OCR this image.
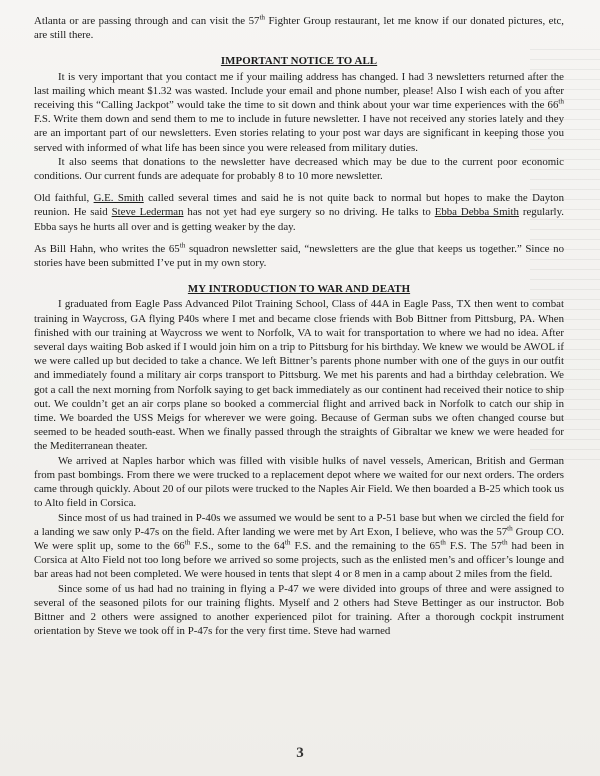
Atlanta or are passing through and can visit the 57th Fighter Group restaurant, let me know if our donated pictures, etc, are still there.

IMPORTANT NOTICE TO ALL

It is very important that you contact me if your mailing address has changed. I had 3 newsletters returned after the last mailing which meant $1.32 was wasted. Include your email and phone number, please! Also I wish each of you after receiving this “Calling Jackpot” would take the time to sit down and think about your war time experiences with the 66th F.S. Write them down and send them to me to include in future newsletter. I have not received any stories lately and they are an important part of our newsletters. Even stories relating to your post war days are significant in keeping those you served with informed of what life has been since you were released from military duties.

It also seems that donations to the newsletter have decreased which may be due to the current poor economic conditions. Our current funds are adequate for probably 8 to 10 more newsletter.

Old faithful, G.E. Smith called several times and said he is not quite back to normal but hopes to make the Dayton reunion. He said Steve Lederman has not yet had eye surgery so no driving. He talks to Ebba Debba Smith regularly. Ebba says he hurts all over and is getting weaker by the day.

As Bill Hahn, who writes the 65th squadron newsletter said, “newsletters are the glue that keeps us together.” Since no stories have been submitted I’ve put in my own story.

MY INTRODUCTION TO WAR AND DEATH

I graduated from Eagle Pass Advanced Pilot Training School, Class of 44A in Eagle Pass, TX then went to combat training in Waycross, GA flying P40s where I met and became close friends with Bob Bittner from Pittsburg, PA. When finished with our training at Waycross we went to Norfolk, VA to wait for transportation to where we had no idea. After several days waiting Bob asked if I would join him on a trip to Pittsburg for his birthday. We knew we would be AWOL if we were called up but decided to take a chance. We left Bittner’s parents phone number with one of the guys in our outfit and immediately found a military air corps transport to Pittsburg. We met his parents and had a birthday celebration. We got a call the next morning from Norfolk saying to get back immediately as our continent had received their notice to ship out. We couldn’t get an air corps plane so booked a commercial flight and arrived back in Norfolk to catch our ship in time. We boarded the USS Meigs for wherever we were going. Because of German subs we often changed course but seemed to be headed south-east. When we finally passed through the straights of Gibraltar we knew we were headed for the Mediterranean theater.

We arrived at Naples harbor which was filled with visible hulks of navel vessels, American, British and German from past bombings. From there we were trucked to a replacement depot where we waited for our next orders. The orders came through quickly. About 20 of our pilots were trucked to the Naples Air Field. We then boarded a B-25 which took us to Alto field in Corsica.

Since most of us had trained in P-40s we assumed we would be sent to a P-51 base but when we circled the field for a landing we saw only P-47s on the field. After landing we were met by Art Exon, I believe, who was the 57th Group CO. We were split up, some to the 66th F.S., some to the 64th F.S. and the remaining to the 65th F.S. The 57th had been in Corsica at Alto Field not too long before we arrived so some projects, such as the enlisted men’s and officer’s lounge and bar areas had not been completed. We were housed in tents that slept 4 or 8 men in a camp about 2 miles from the field.

Since some of us had had no training in flying a P-47 we were divided into groups of three and were assigned to several of the seasoned pilots for our training flights. Myself and 2 others had Steve Bettinger as our instructor. Bob Bittner and 2 others were assigned to another experienced pilot for training. After a thorough cockpit instrument orientation by Steve we took off in P-47s for the very first time. Steve had warned

3
